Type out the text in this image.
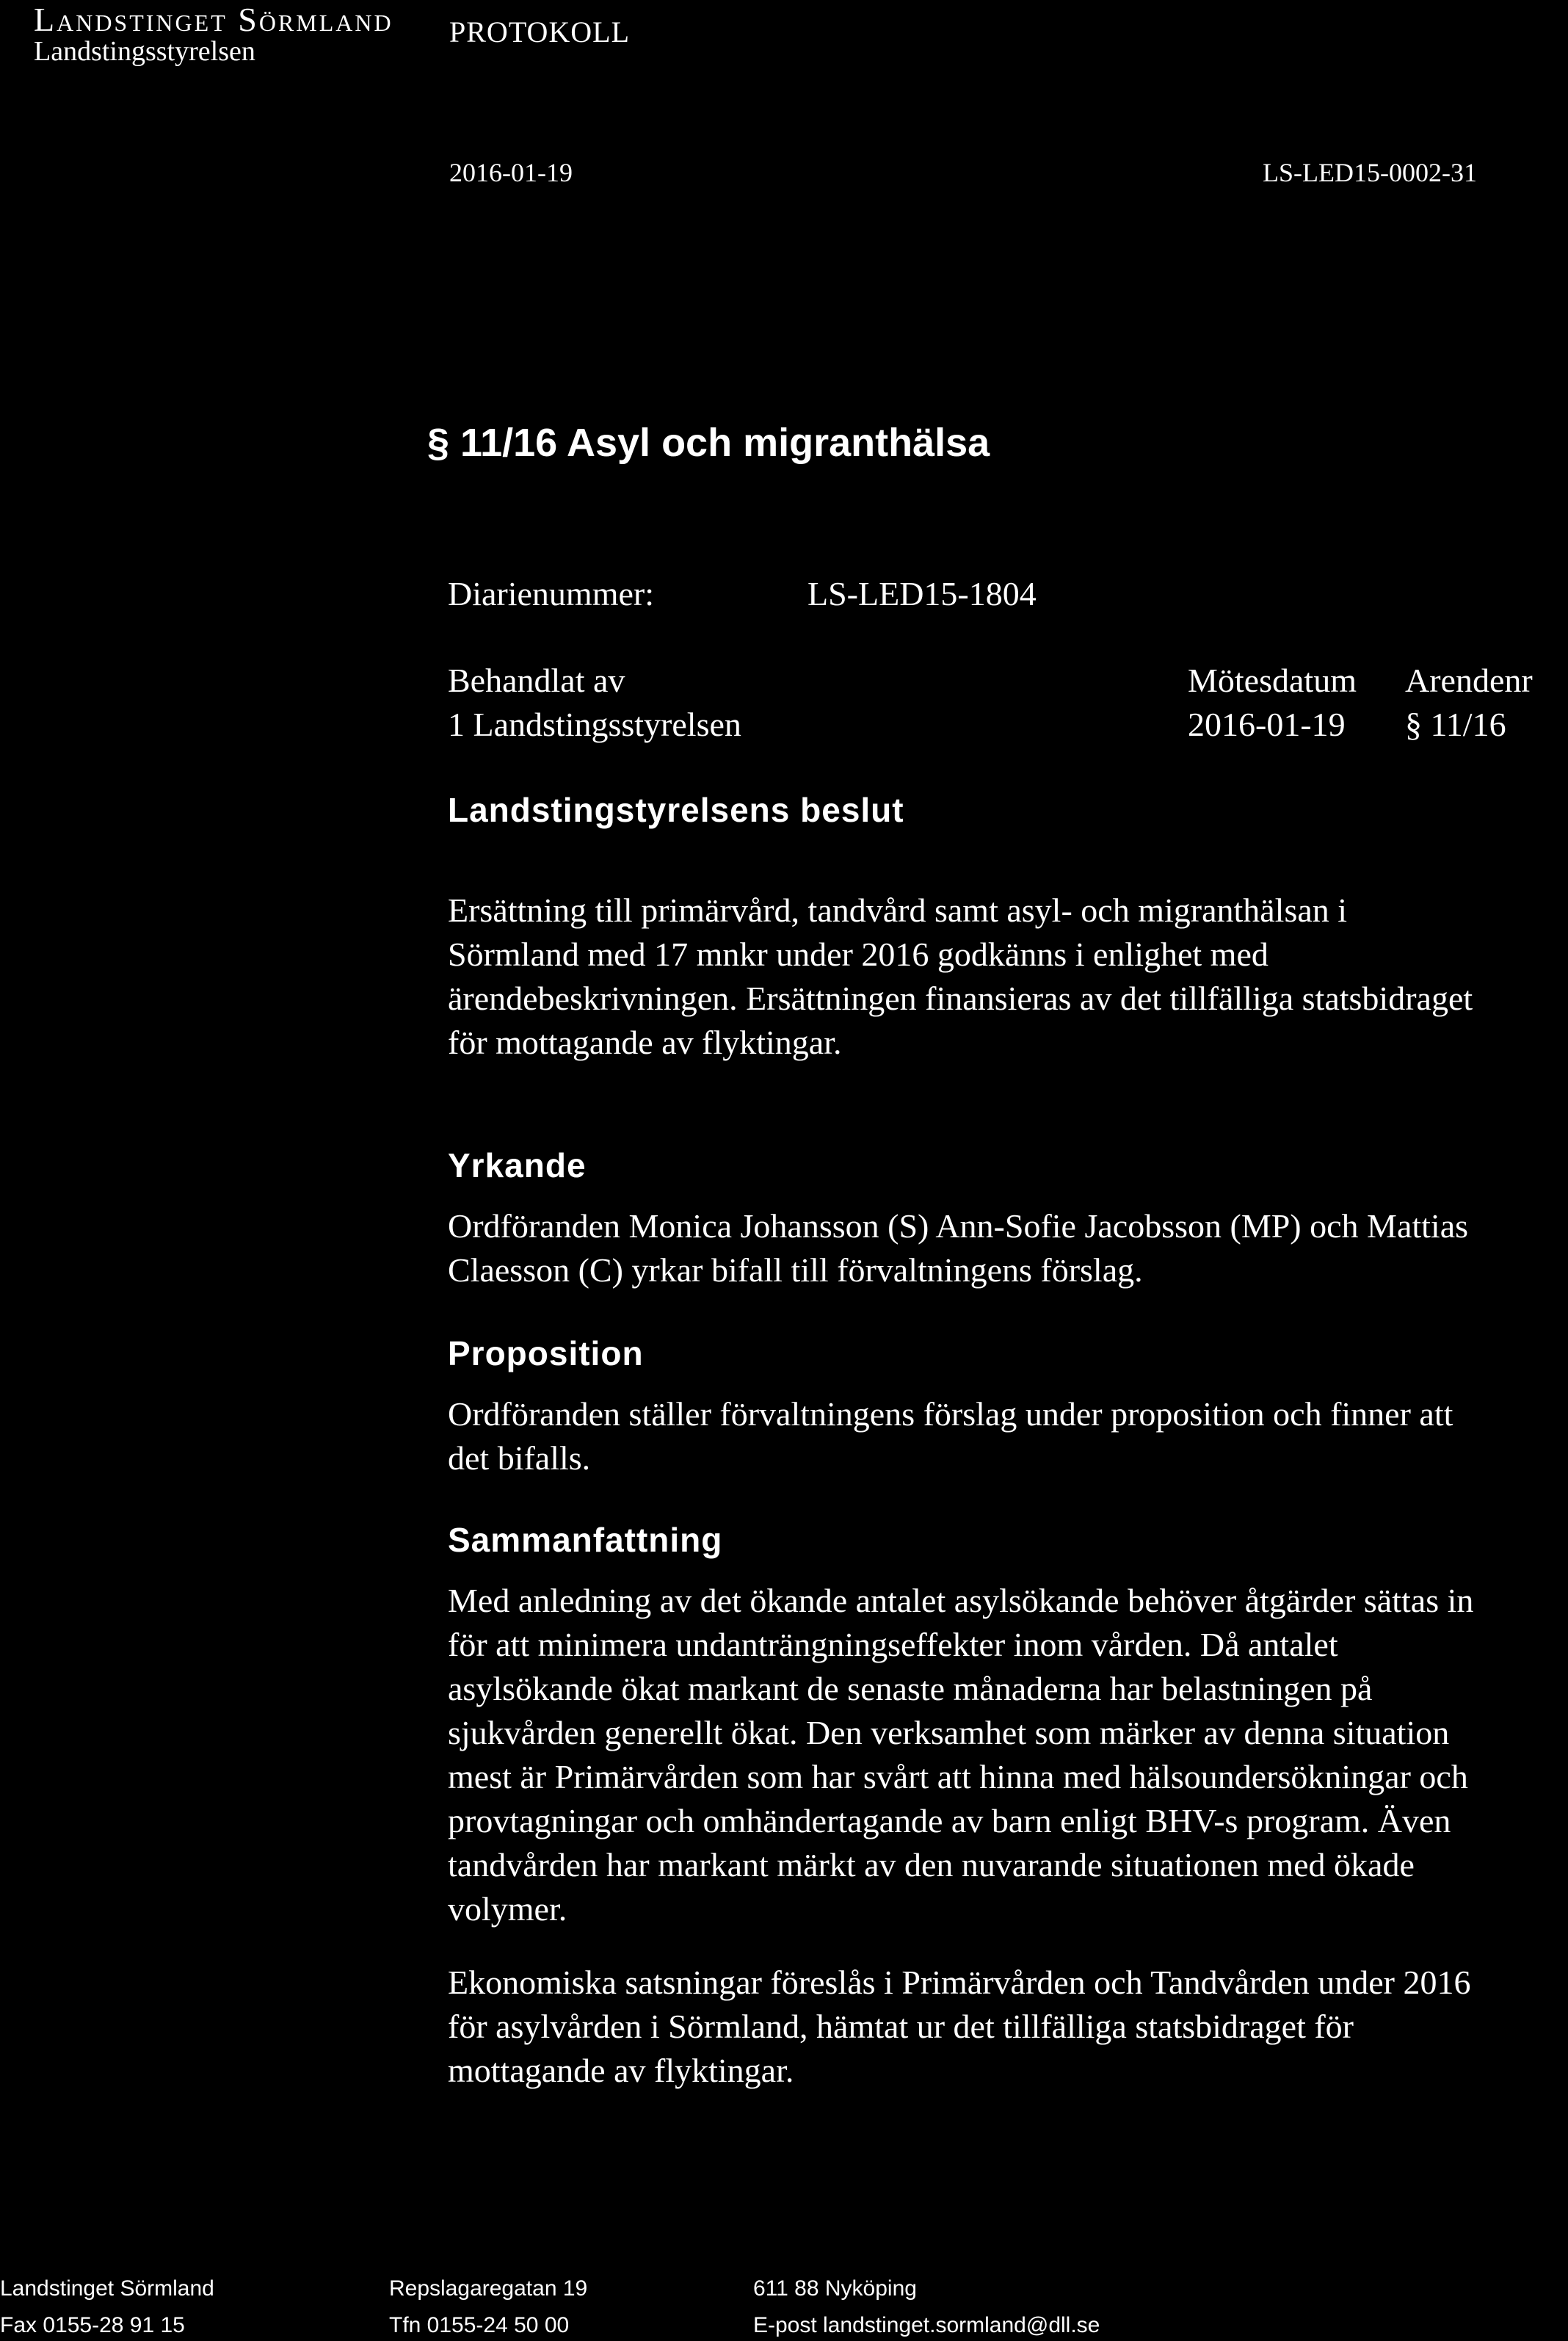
Landstinget Sörmland
Landstingsstyrelsen
PROTOKOLL
2016-01-19	LS-LED15-0002-31
§ 11/16 Asyl och migranthälsa
Diarienummer:	LS-LED15-1804
Behandlat av	Mötesdatum Arendenr
1 Landstingsstyrelsen	2016-01-19 § 11/16
Landstingstyrelsens beslut
Ersättning till primärvård, tandvård samt asyl- och migranthälsan i
Sörmland med 17 mnkr under 2016 godkänns i enlighet med
ärendebeskrivningen. Ersättningen finansieras av det tillfälliga statsbidraget
för mottagande av flyktingar.
Yrkande
Ordföranden Monica Johansson (S) Ann-Sofie Jacobsson (MP) och Mattias
Claesson (C) yrkar bifall till förvaltningens förslag.
Proposition
Ordföranden ställer förvaltningens förslag under proposition och finner att
det bifalls.
Sammanfattning
Med anledning av det ökande antalet asylsökande behöver åtgärder sättas in
för att minimera undanträngningseffekter inom vården. Då antalet
asylsökande ökat markant de senaste månaderna har belastningen på
sjukvården generellt ökat. Den verksamhet som märker av denna situation
mest är Primärvården som har svårt att hinna med hälsoundersökningar och
provtagningar och omhändertagande av barn enligt BHV-s program. Även
tandvården har markant märkt av den nuvarande situationen med ökade
volymer.
Ekonomiska satsningar föreslås i Primärvården och Tandvården under 2016
för asylvården i Sörmland, hämtat ur det tillfälliga statsbidraget för
mottagande av flyktingar.
Landstinget Sörmland
Fax 0155-28 91 15
Repslagaregatan 19
Tfn 0155-24 50 00
611 88 Nyköping
E-post landstinget.sormland@dll.se
